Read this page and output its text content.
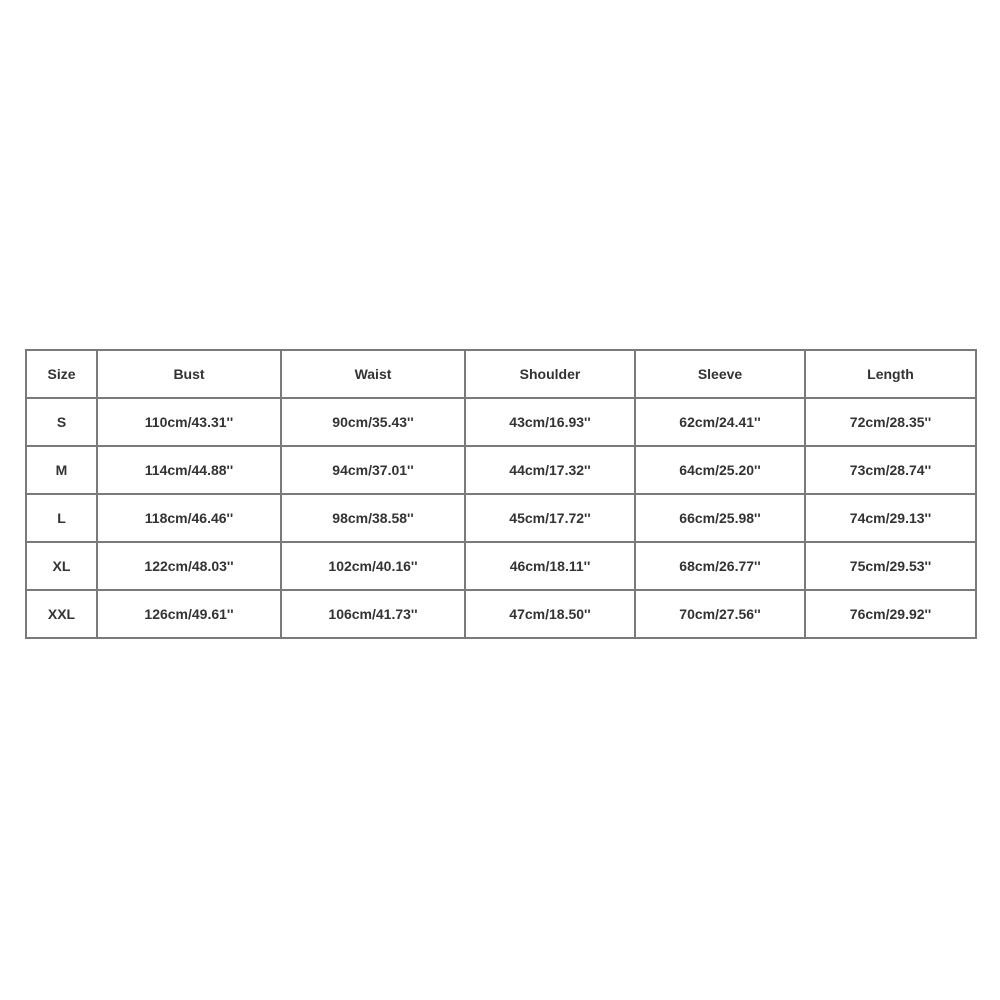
Size	Bust	Waist	Shoulder	Sleeve	Length
S	110cm/43.31''	90cm/35.43''	43cm/16.93''	62cm/24.41''	72cm/28.35''
M	114cm/44.88''	94cm/37.01''	44cm/17.32''	64cm/25.20''	73cm/28.74''
L	118cm/46.46''	98cm/38.58''	45cm/17.72''	66cm/25.98''	74cm/29.13''
XL	122cm/48.03''	102cm/40.16''	46cm/18.11''	68cm/26.77''	75cm/29.53''
XXL	126cm/49.61''	106cm/41.73''	47cm/18.50''	70cm/27.56''	76cm/29.92''
